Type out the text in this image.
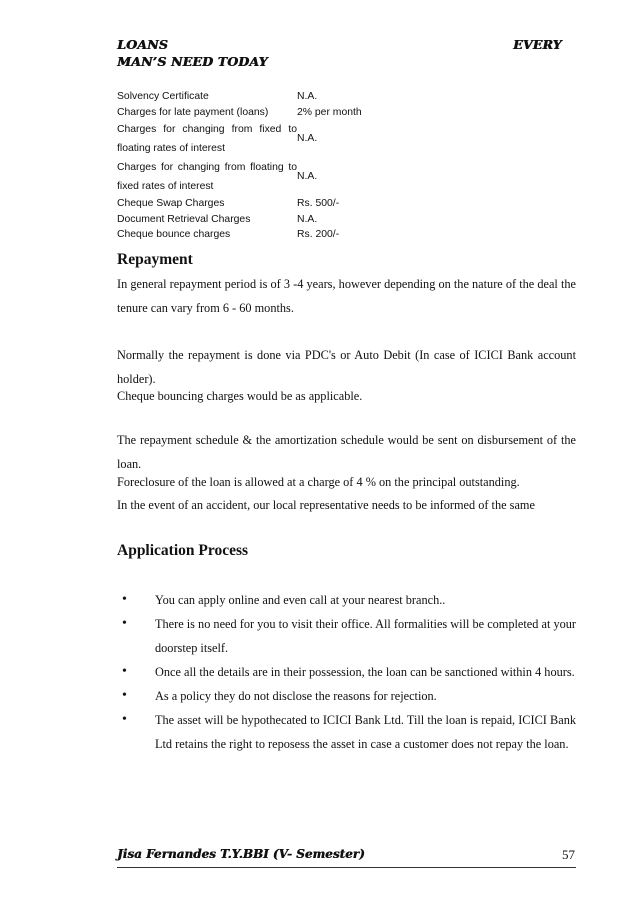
LOANS	EVERY
MAN’S NEED TODAY
Solvency Certificate	N.A.
Charges for late payment (loans)	2% per month
Charges for changing from fixed to floating rates of interest	N.A.
Charges for changing from floating to fixed rates of interest	N.A.
Cheque Swap Charges	Rs. 500/-
Document Retrieval Charges	N.A.
Cheque bounce charges	Rs. 200/-
Repayment

In general repayment period is of 3 -4 years, however depending on the nature of the deal the tenure can vary from 6 - 60 months.

Normally the repayment is done via PDC's or Auto Debit (In case of ICICI Bank account holder).

Cheque bouncing charges would be as applicable.

The repayment schedule & the amortization schedule would be sent on disbursement of the loan.

Foreclosure of the loan is allowed at a charge of 4 % on the principal outstanding.

In the event of an accident, our local representative needs to be informed of the same

Application Process
• You can apply online and even call at your nearest branch..
• There is no need for you to visit their office. All formalities will be completed at your doorstep itself.
• Once all the details are in their possession, the loan can be sanctioned within 4 hours.
• As a policy they do not disclose the reasons for rejection.
• The asset will be hypothecated to ICICI Bank Ltd. Till the loan is repaid, ICICI Bank Ltd retains the right to reposess the asset in case a customer does not repay the loan.
Jisa Fernandes T.Y.BBI (V- Semester)	57
